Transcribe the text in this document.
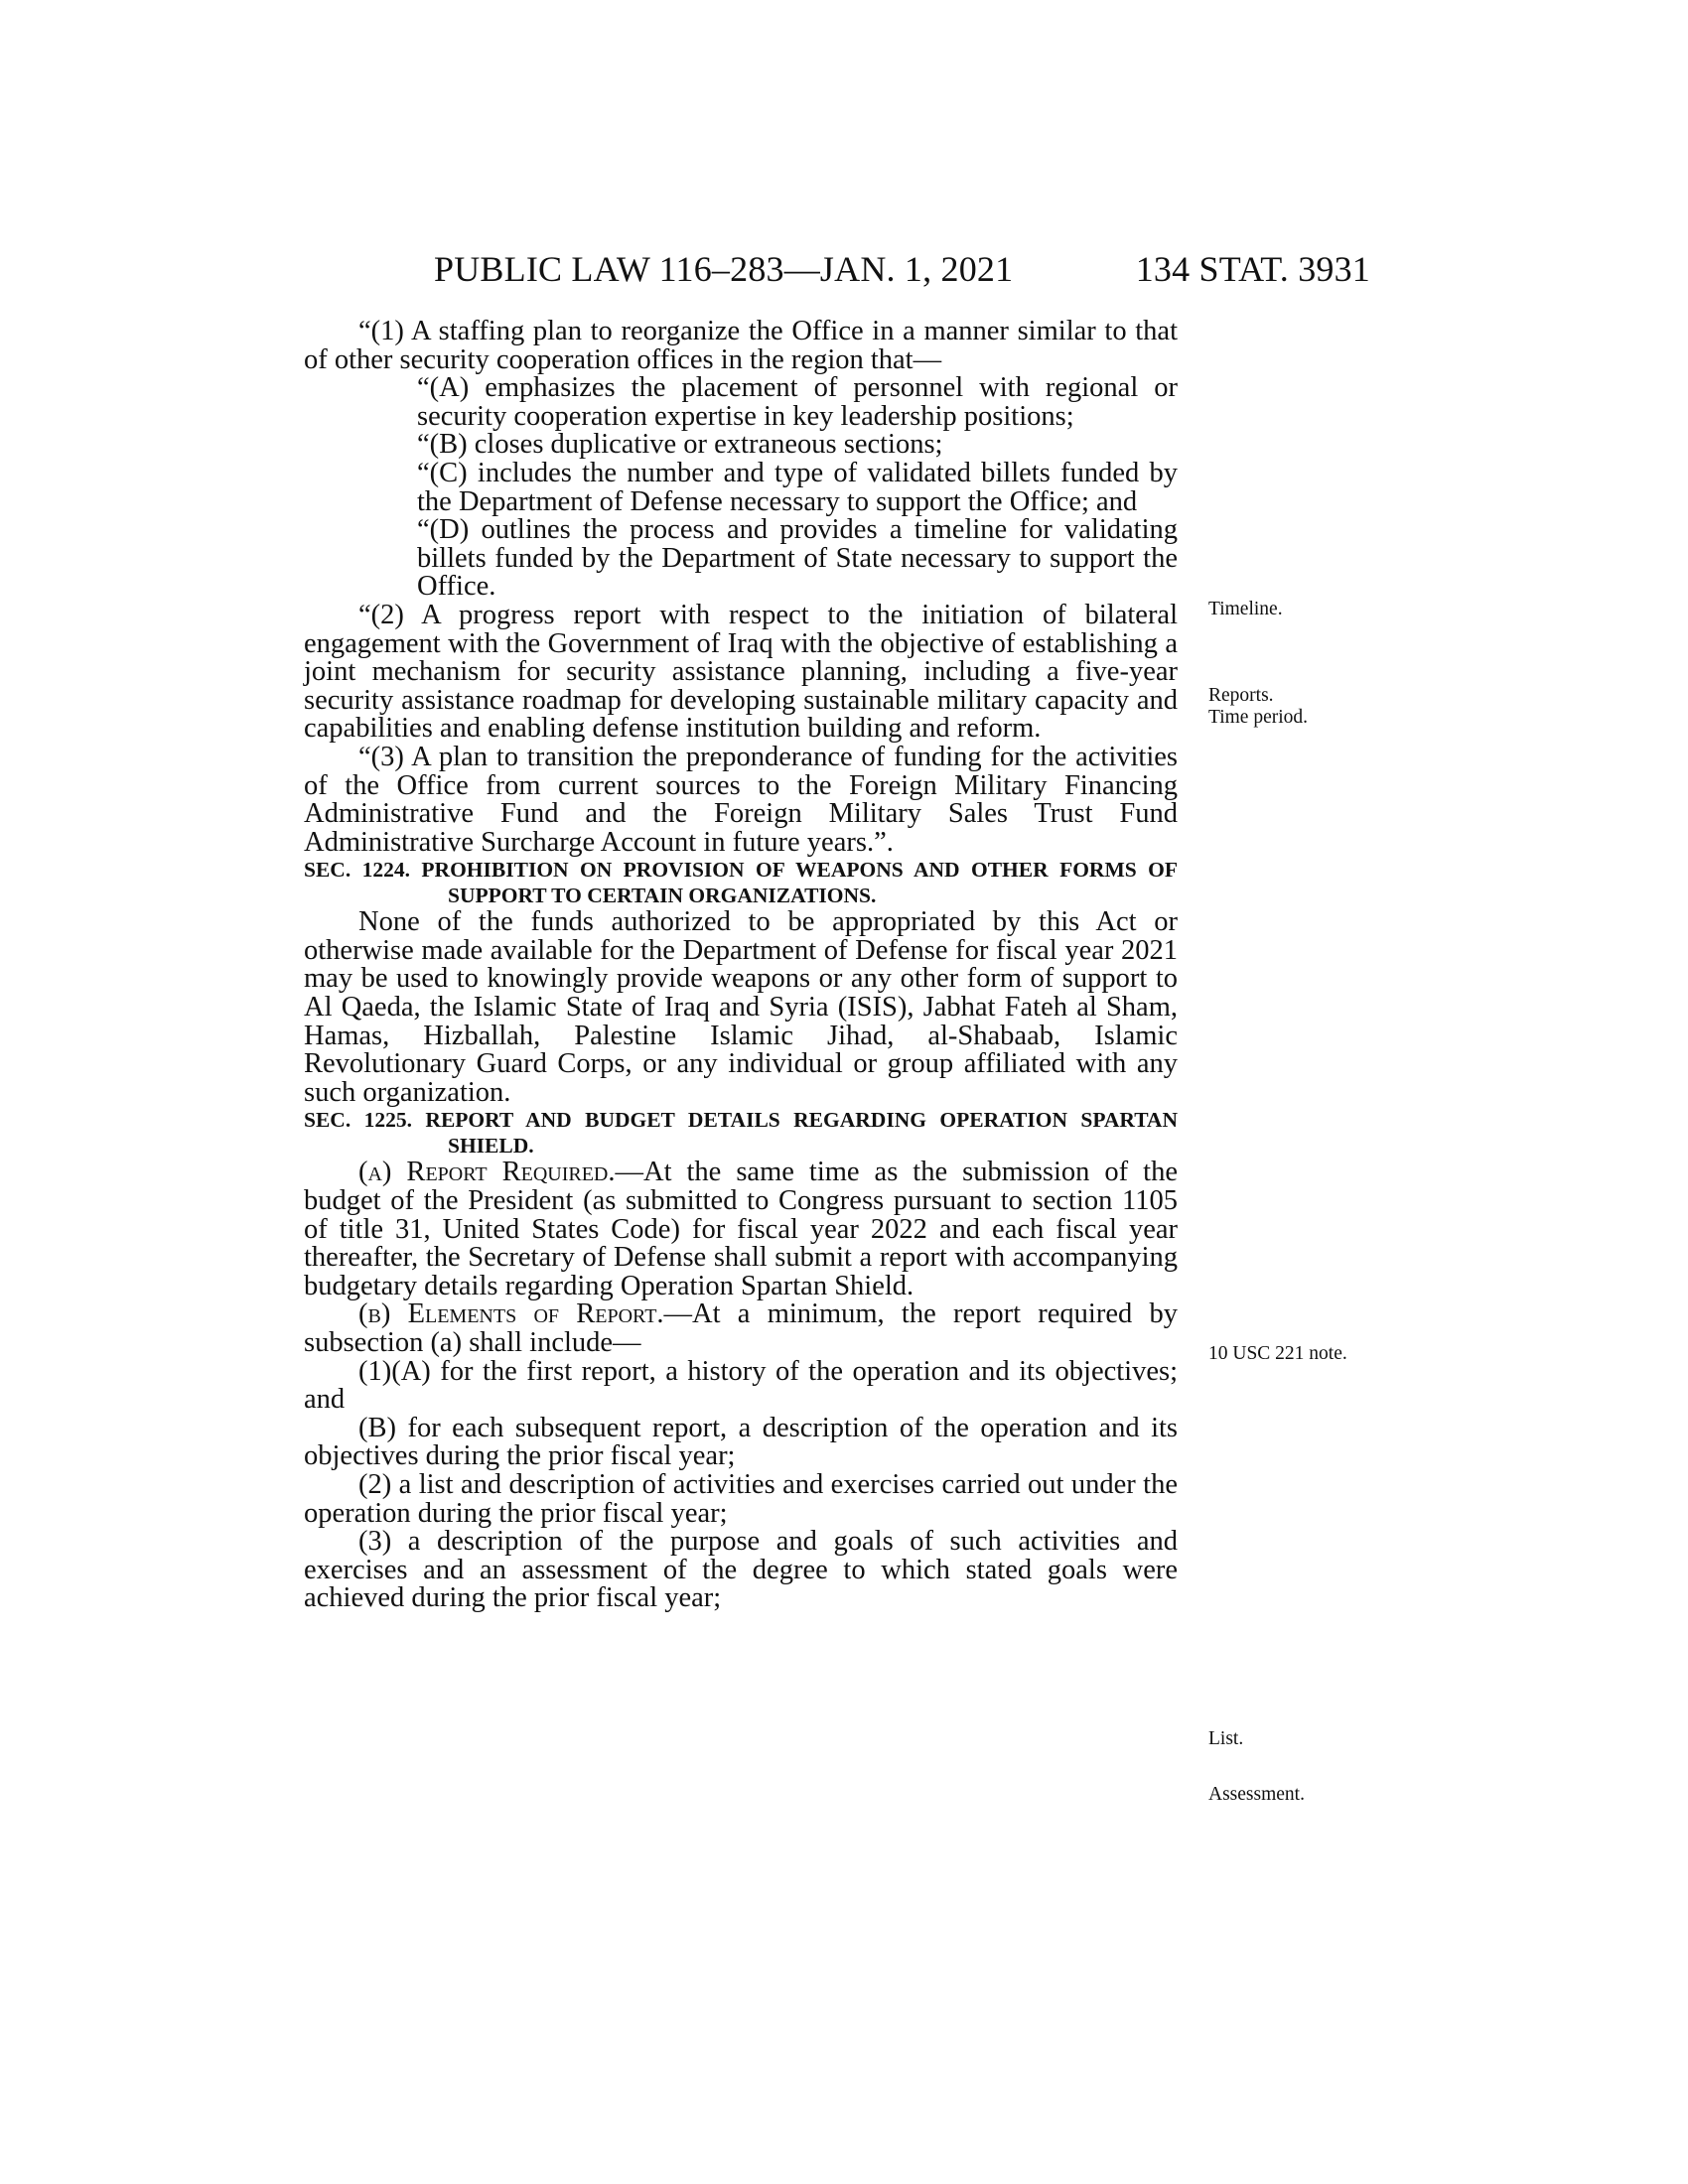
PUBLIC LAW 116–283—JAN. 1, 2021	134 STAT. 3931

“(1) A staffing plan to reorganize the Office in a manner similar to that of other security cooperation offices in the region that—

“(A) emphasizes the placement of personnel with regional or security cooperation expertise in key leadership positions;

“(B) closes duplicative or extraneous sections;

“(C) includes the number and type of validated billets funded by the Department of Defense necessary to support the Office; and

“(D) outlines the process and provides a timeline for validating billets funded by the Department of State necessary to support the Office.

“(2) A progress report with respect to the initiation of bilateral engagement with the Government of Iraq with the objective of establishing a joint mechanism for security assistance planning, including a five-year security assistance roadmap for developing sustainable military capacity and capabilities and enabling defense institution building and reform.

“(3) A plan to transition the preponderance of funding for the activities of the Office from current sources to the Foreign Military Financing Administrative Fund and the Foreign Military Sales Trust Fund Administrative Surcharge Account in future years.”.

SEC. 1224. PROHIBITION ON PROVISION OF WEAPONS AND OTHER FORMS OF SUPPORT TO CERTAIN ORGANIZATIONS.

None of the funds authorized to be appropriated by this Act or otherwise made available for the Department of Defense for fiscal year 2021 may be used to knowingly provide weapons or any other form of support to Al Qaeda, the Islamic State of Iraq and Syria (ISIS), Jabhat Fateh al Sham, Hamas, Hizballah, Palestine Islamic Jihad, al-Shabaab, Islamic Revolutionary Guard Corps, or any individual or group affiliated with any such organization.

SEC. 1225. REPORT AND BUDGET DETAILS REGARDING OPERATION SPARTAN SHIELD.

(a) Report Required.—At the same time as the submission of the budget of the President (as submitted to Congress pursuant to section 1105 of title 31, United States Code) for fiscal year 2022 and each fiscal year thereafter, the Secretary of Defense shall submit a report with accompanying budgetary details regarding Operation Spartan Shield.

(b) Elements of Report.—At a minimum, the report required by subsection (a) shall include—

(1)(A) for the first report, a history of the operation and its objectives; and

(B) for each subsequent report, a description of the operation and its objectives during the prior fiscal year;

(2) a list and description of activities and exercises carried out under the operation during the prior fiscal year;

(3) a description of the purpose and goals of such activities and exercises and an assessment of the degree to which stated goals were achieved during the prior fiscal year;

Timeline.
Reports.
Time period.
10 USC 221 note.
List.
Assessment.
